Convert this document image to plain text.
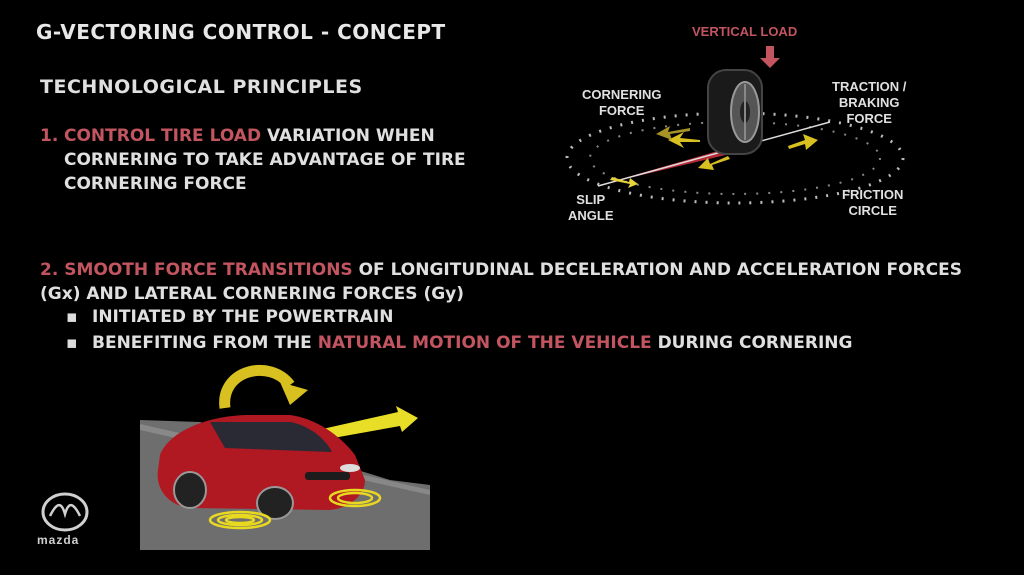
G-VECTORING CONTROL - CONCEPT
TECHNOLOGICAL PRINCIPLES
1. CONTROL TIRE LOAD VARIATION WHEN
CORNERING TO TAKE ADVANTAGE OF TIRE
CORNERING FORCE
2. SMOOTH FORCE TRANSITIONS OF LONGITUDINAL DECELERATION AND ACCELERATION FORCES
(Gx) AND LATERAL CORNERING FORCES (Gy)
▪ INITIATED BY THE POWERTRAIN
▪ BENEFITING FROM THE NATURAL MOTION OF THE VEHICLE DURING CORNERING
VERTICAL LOAD
CORNERING
FORCE
TRACTION /
BRAKING
FORCE
SLIP
ANGLE
FRICTION
CIRCLE
mazda
